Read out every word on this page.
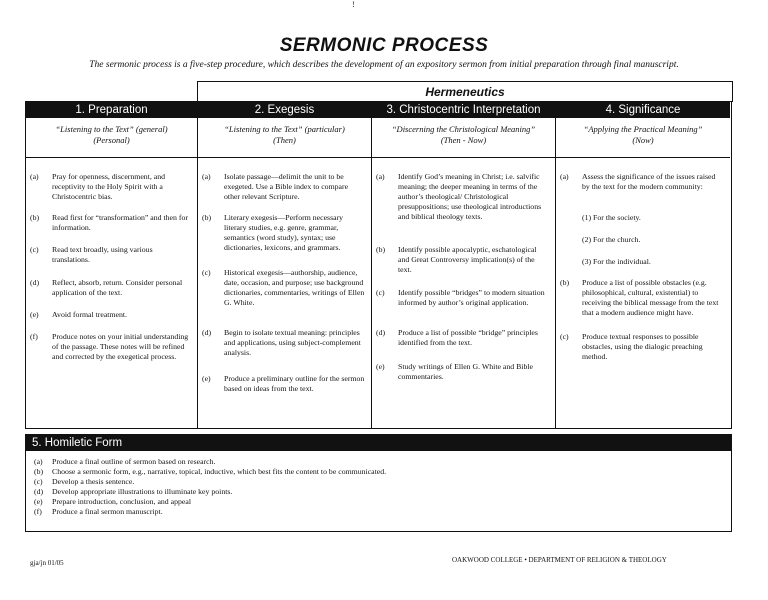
!
SERMONIC PROCESS
The sermonic process is a five-step procedure, which describes the development of an expository sermon from initial preparation through final manuscript.
Hermeneutics
1. Preparation
“Listening to the Text” (general)
(Personal)
(a) Pray for openness, discernment, and receptivity to the Holy Spirit with a Christocentric bias.
(b) Read first for “transformation” and then for information.
(c) Read text broadly, using various translations.
(d) Reflect, absorb, return. Consider personal application of the text.
(e) Avoid formal treatment.
(f) Produce notes on your initial understanding of the passage. These notes will be refined and corrected by the exegetical process.
2. Exegesis
“Listening to the Text” (particular)
(Then)
(a) Isolate passage—delimit the unit to be exegeted. Use a Bible index to compare other relevant Scripture.
(b) Literary exegesis—Perform necessary literary studies, e.g. genre, grammar, semantics (word study), syntax; use dictionaries, lexicons, and grammars.
(c) Historical exegesis—authorship, audience, date, occasion, and purpose; use background dictionaries, commentaries, writings of Ellen G. White.
(d) Begin to isolate textual meaning: principles and applications, using subject-complement analysis.
(e) Produce a preliminary outline for the sermon based on ideas from the text.
3. Christocentric Interpretation
“Discerning the Christological Meaning”
(Then - Now)
(a) Identify God’s meaning in Christ; i.e. salvific meaning; the deeper meaning in terms of the author’s theological/ Christological presuppositions; use theological introductions and biblical theology texts.
(b) Identify possible apocalyptic, eschatological and Great Controversy implication(s) of the text.
(c) Identify possible “bridges” to modern situation informed by author’s original application.
(d) Produce a list of possible “bridge” principles identified from the text.
(e) Study writings of Ellen G. White and Bible commentaries.
4. Significance
“Applying the Practical Meaning”
(Now)
(a) Assess the significance of the issues raised by the text for the modern community:
(1) For the society.
(2) For the church.
(3) For the individual.
(b) Produce a list of possible obstacles (e.g. philosophical, cultural, existential) to receiving the biblical message from the text that a modern audience might have.
(c) Produce textual responses to possible obstacles, using the dialogic preaching method.
5. Homiletic Form
(a) Produce a final outline of sermon based on research.
(b) Choose a sermonic form, e.g., narrative, topical, inductive, which best fits the content to be communicated.
(c) Develop a thesis sentence.
(d) Develop appropriate illustrations to illuminate key points.
(e) Prepare introduction, conclusion, and appeal
(f) Produce a final sermon manuscript.
gja/jn 01/05	OAKWOOD COLLEGE • DEPARTMENT OF RELIGION & THEOLOGY
